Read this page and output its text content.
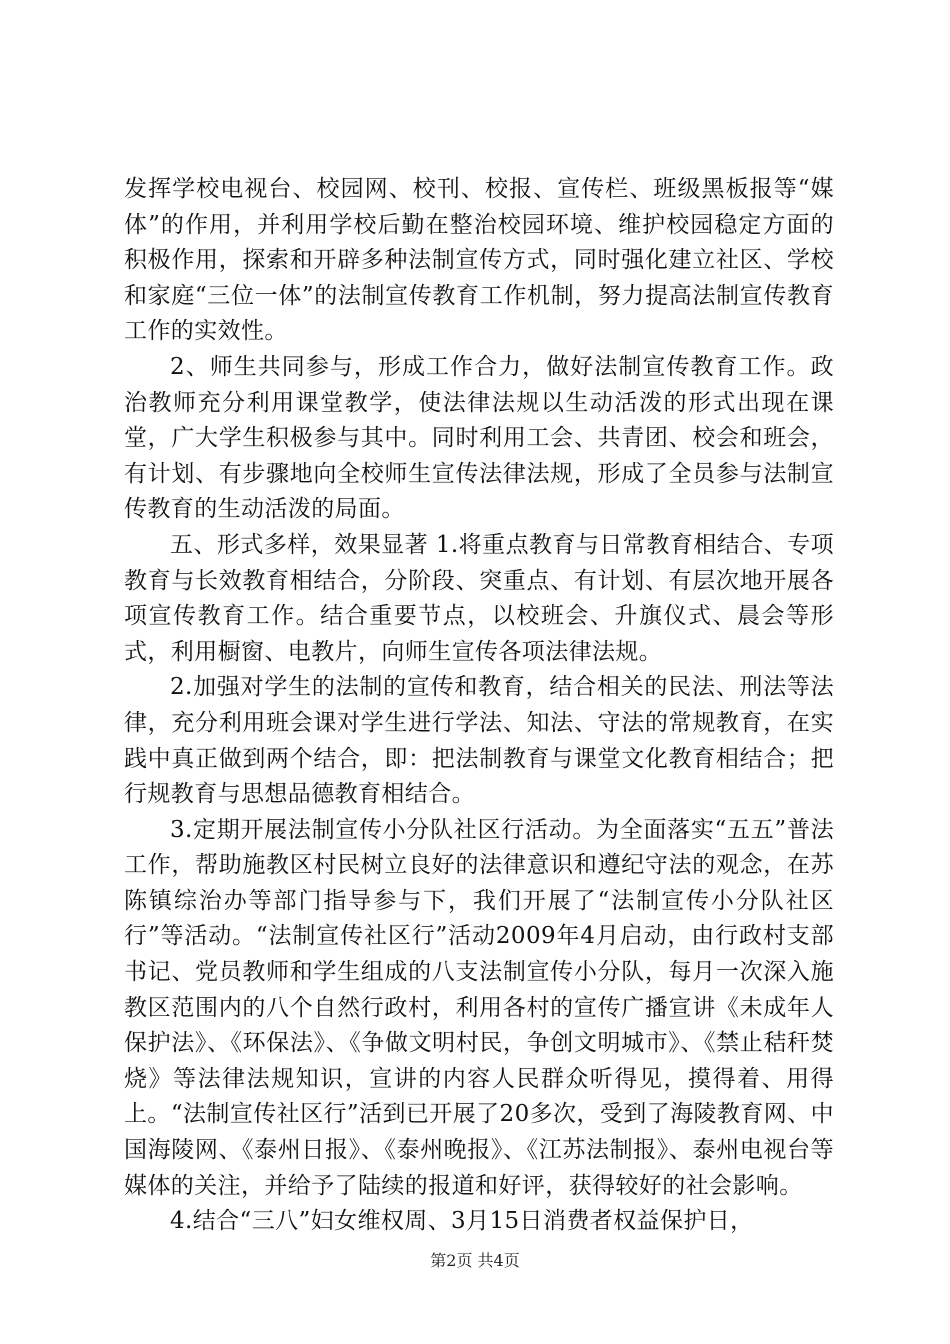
发挥学校电视台、校园网、校刊、校报、宣传栏、班级黑板报等“媒体”的作用，并利用学校后勤在整治校园环境、维护校园稳定方面的积极作用，探索和开辟多种法制宣传方式，同时强化建立社区、学校和家庭“三位一体”的法制宣传教育工作机制，努力提高法制宣传教育工作的实效性。

2、师生共同参与，形成工作合力，做好法制宣传教育工作。政治教师充分利用课堂教学，使法律法规以生动活泼的形式出现在课堂，广大学生积极参与其中。同时利用工会、共青团、校会和班会，有计划、有步骤地向全校师生宣传法律法规，形成了全员参与法制宣传教育的生动活泼的局面。

五、形式多样，效果显著 1.将重点教育与日常教育相结合、专项教育与长效教育相结合，分阶段、突重点、有计划、有层次地开展各项宣传教育工作。结合重要节点，以校班会、升旗仪式、晨会等形式，利用橱窗、电教片，向师生宣传各项法律法规。

2.加强对学生的法制的宣传和教育，结合相关的民法、刑法等法律，充分利用班会课对学生进行学法、知法、守法的常规教育，在实践中真正做到两个结合，即：把法制教育与课堂文化教育相结合；把行规教育与思想品德教育相结合。

3.定期开展法制宣传小分队社区行活动。为全面落实“五五”普法工作，帮助施教区村民树立良好的法律意识和遵纪守法的观念，在苏陈镇综治办等部门指导参与下，我们开展了“法制宣传小分队社区行”等活动。“法制宣传社区行”活动2009年4月启动，由行政村支部书记、党员教师和学生组成的八支法制宣传小分队，每月一次深入施教区范围内的八个自然行政村，利用各村的宣传广播宣讲《未成年人保护法》、《环保法》、《争做文明村民，争创文明城市》、《禁止秸秆焚烧》等法律法规知识，宣讲的内容人民群众听得见，摸得着、用得上。“法制宣传社区行”活到已开展了20多次，受到了海陵教育网、中国海陵网、《泰州日报》、《泰州晚报》、《江苏法制报》、泰州电视台等媒体的关注，并给予了陆续的报道和好评，获得较好的社会影响。

4.结合“三八”妇女维权周、3月15日消费者权益保护日，

第2页 共4页
